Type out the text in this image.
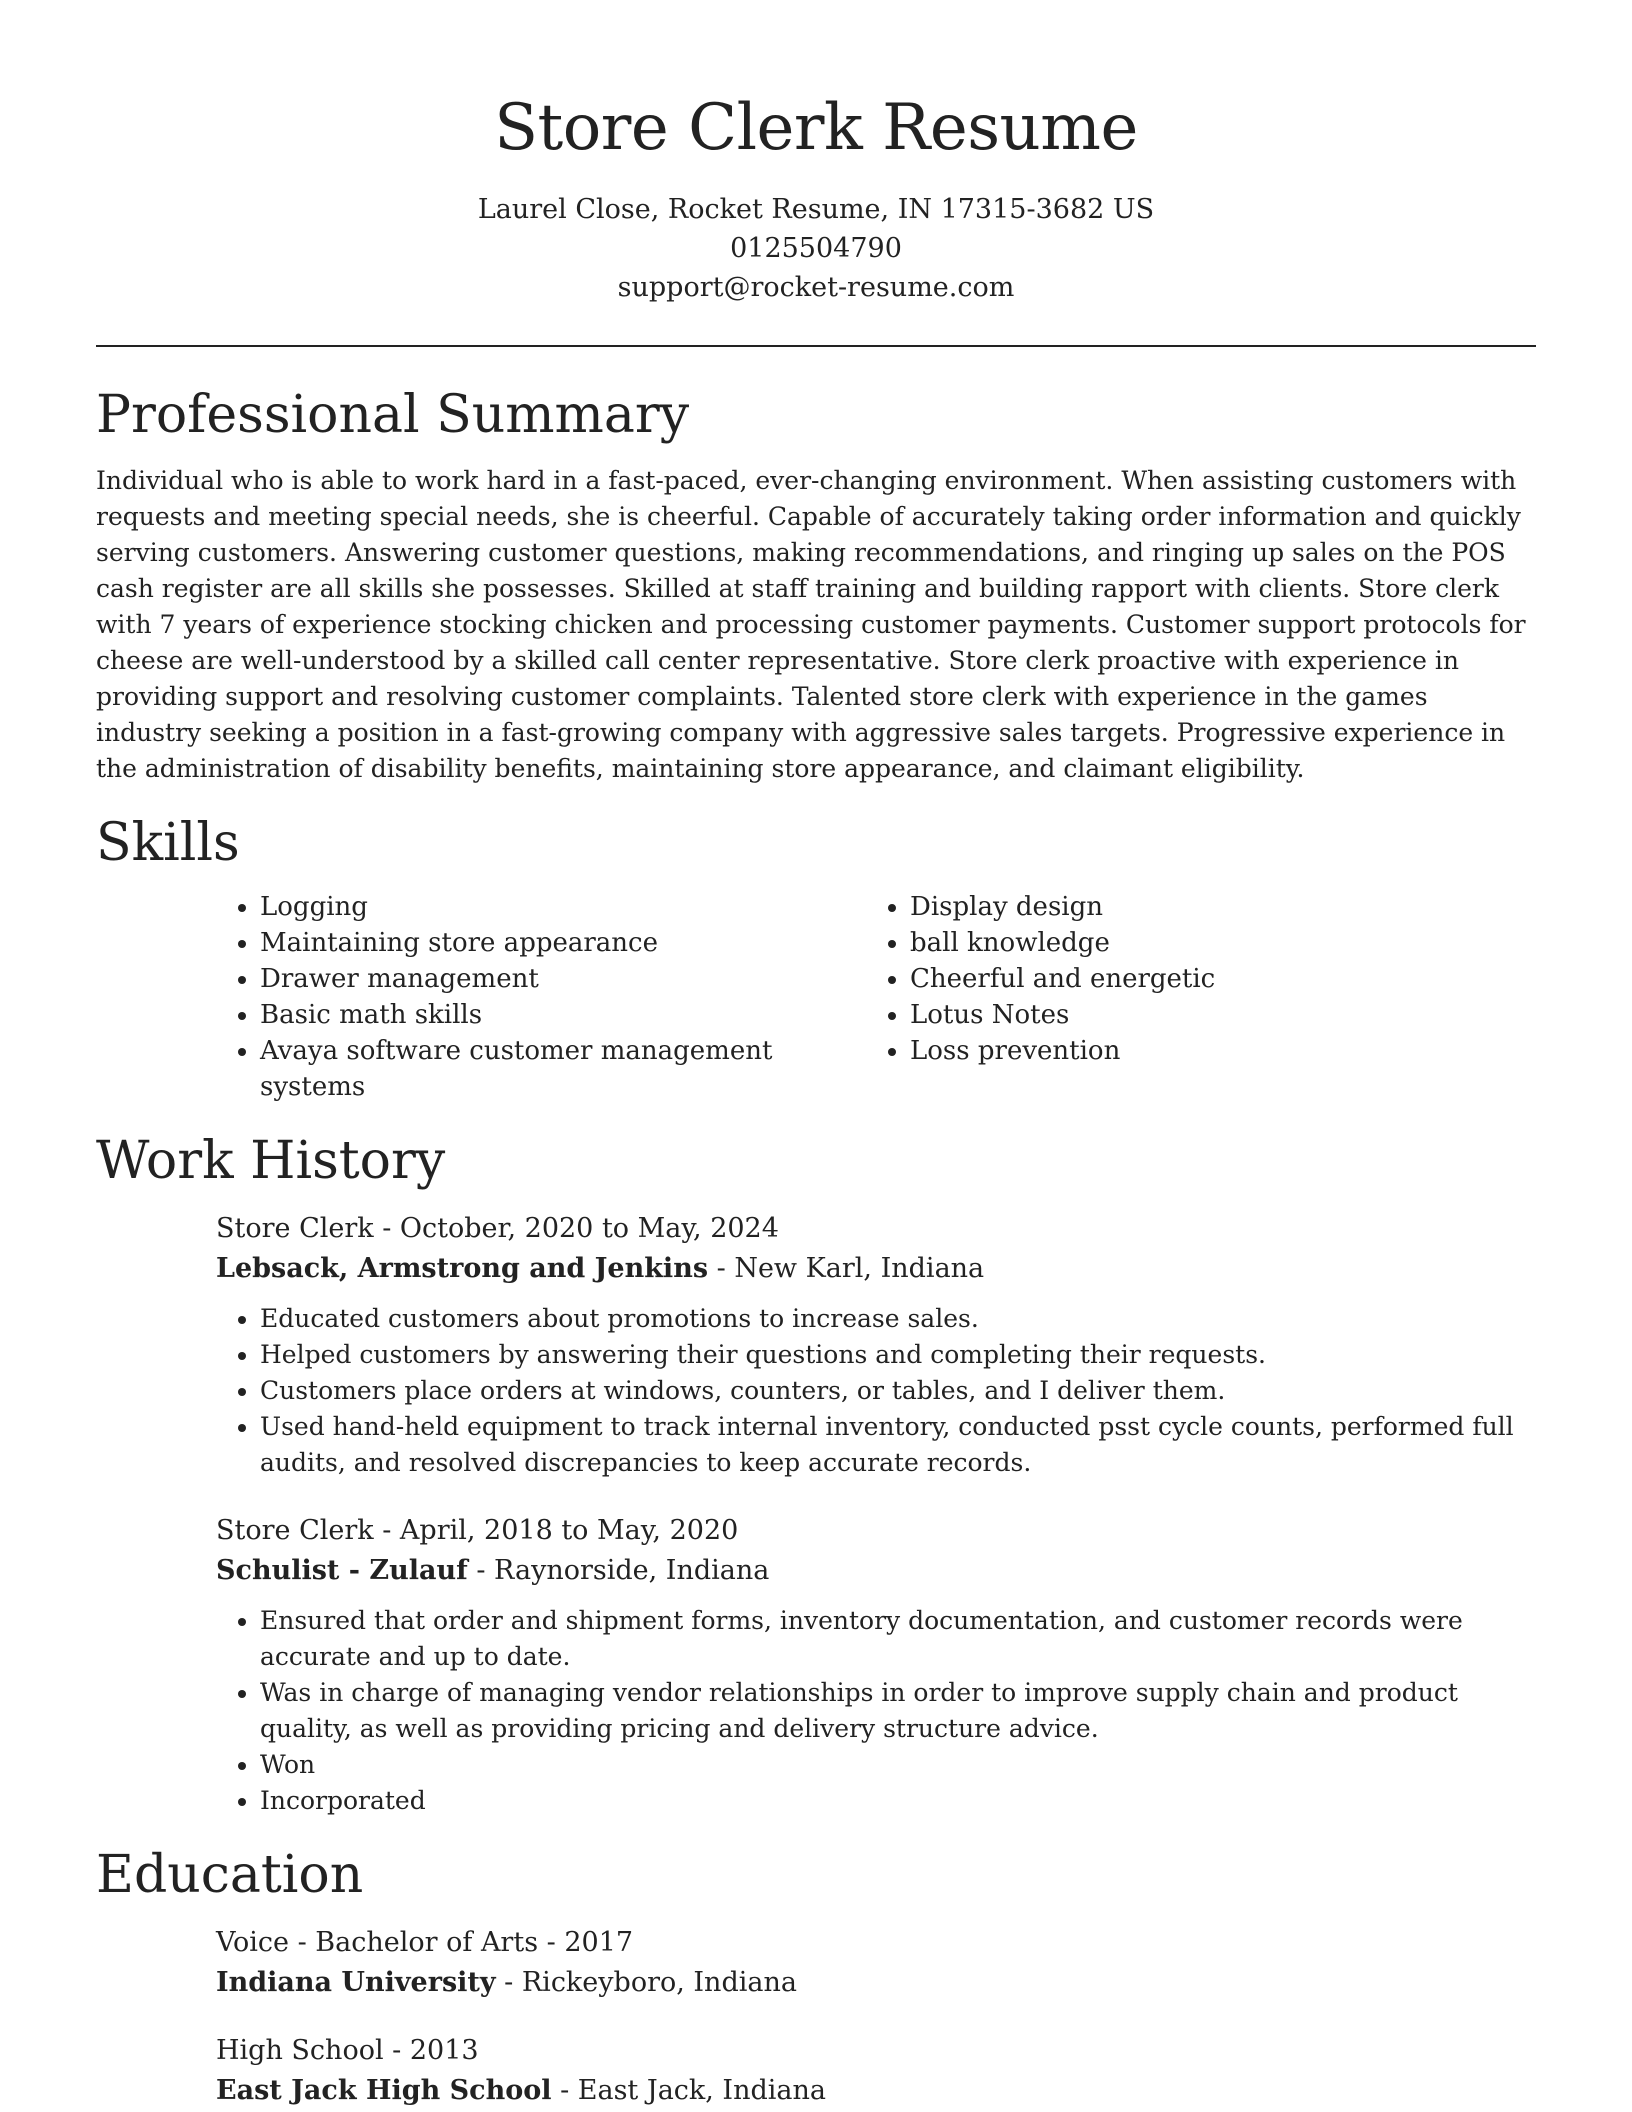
Store Clerk Resume
Laurel Close, Rocket Resume, IN 17315-3682 US
0125504790
support@rocket-resume.com
Professional Summary

Individual who is able to work hard in a fast-paced, ever-changing environment. When assisting customers with requests and meeting special needs, she is cheerful. Capable of accurately taking order information and quickly serving customers. Answering customer questions, making recommendations, and ringing up sales on the POS cash register are all skills she possesses. Skilled at staff training and building rapport with clients. Store clerk with 7 years of experience stocking chicken and processing customer payments. Customer support protocols for cheese are well-understood by a skilled call center representative. Store clerk proactive with experience in providing support and resolving customer complaints. Talented store clerk with experience in the games industry seeking a position in a fast-growing company with aggressive sales targets. Progressive experience in the administration of disability benefits, maintaining store appearance, and claimant eligibility.

Skills
• Logging
• Maintaining store appearance
• Drawer management
• Basic math skills
• Avaya software customer management systems
• Display design
• ball knowledge
• Cheerful and energetic
• Lotus Notes
• Loss prevention
Work History
Store Clerk - October, 2020 to May, 2024
Lebsack, Armstrong and Jenkins - New Karl, Indiana
• Educated customers about promotions to increase sales.
• Helped customers by answering their questions and completing their requests.
• Customers place orders at windows, counters, or tables, and I deliver them.
• Used hand-held equipment to track internal inventory, conducted psst cycle counts, performed full audits, and resolved discrepancies to keep accurate records.
Store Clerk - April, 2018 to May, 2020
Schulist - Zulauf - Raynorside, Indiana
• Ensured that order and shipment forms, inventory documentation, and customer records were accurate and up to date.
• Was in charge of managing vendor relationships in order to improve supply chain and product quality, as well as providing pricing and delivery structure advice.
• Won
• Incorporated
Education
Voice - Bachelor of Arts - 2017
Indiana University - Rickeyboro, Indiana
High School - 2013
East Jack High School - East Jack, Indiana
